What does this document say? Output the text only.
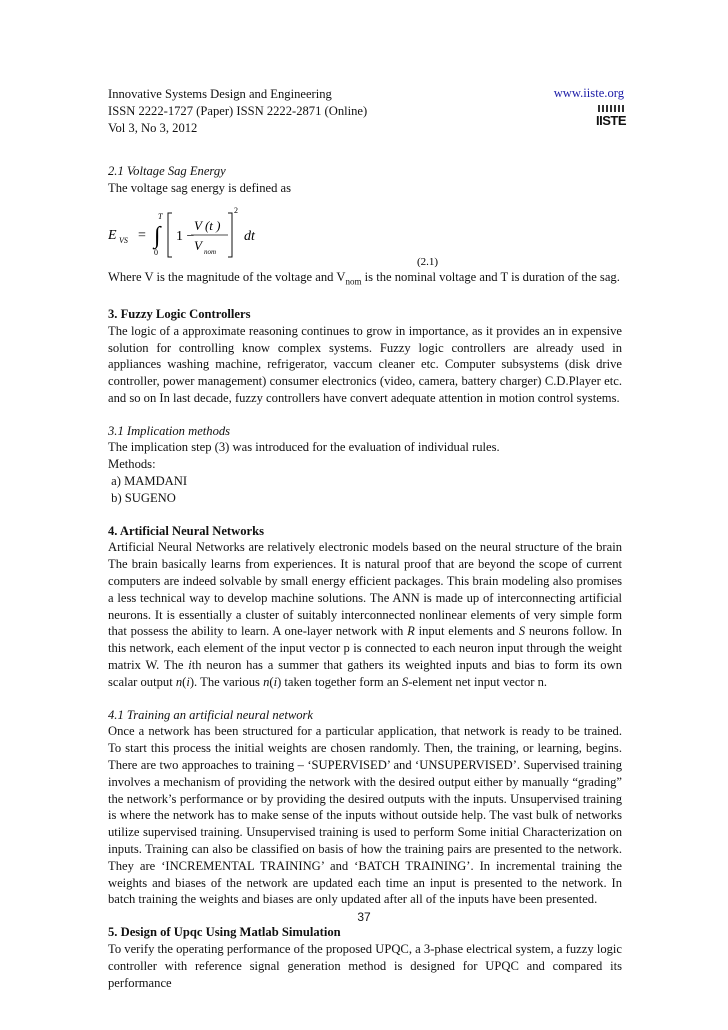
Innovative Systems Design and Engineering
ISSN 2222-1727 (Paper) ISSN 2222-2871 (Online)
Vol 3, No 3, 2012
www.iiste.org
IISTE

2.1 Voltage Sag Energy

The voltage sag energy is defined as

E VS = ∫
T
0
1 −
V (t )
V nom
2
dt
(2.1)

Where V is the magnitude of the voltage and $V_{nom}$ is the nominal voltage and T is duration of the sag.

3. Fuzzy Logic Controllers

The logic of a approximate reasoning continues to grow in importance, as it provides an in expensive solution for controlling know complex systems. Fuzzy logic controllers are already used in appliances washing machine, refrigerator, vaccum cleaner etc. Computer subsystems (disk drive controller, power management) consumer electronics (video, camera, battery charger) C.D.Player etc. and so on In last decade, fuzzy controllers have convert adequate attention in motion control systems.

3.1 Implication methods

The implication step (3) was introduced for the evaluation of individual rules.

Methods:

a) MAMDANI

b) SUGENO

4. Artificial Neural Networks

Artificial Neural Networks are relatively electronic models based on the neural structure of the brain The brain basically learns from experiences. It is natural proof that are beyond the scope of current computers are indeed solvable by small energy efficient packages. This brain modeling also promises a less technical way to develop machine solutions. The ANN is made up of interconnecting artificial neurons. It is essentially a cluster of suitably interconnected nonlinear elements of very simple form that possess the ability to learn. A one-layer network with R input elements and S neurons follow. In this network, each element of the input vector p is connected to each neuron input through the weight matrix W. The ith neuron has a summer that gathers its weighted inputs and bias to form its own scalar output n(i). The various n(i) taken together form an S-element net input vector n.

4.1 Training an artificial neural network

Once a network has been structured for a particular application, that network is ready to be trained. To start this process the initial weights are chosen randomly. Then, the training, or learning, begins. There are two approaches to training – ‘SUPERVISED’ and ‘UNSUPERVISED’. Supervised training involves a mechanism of providing the network with the desired output either by manually “grading” the network’s performance or by providing the desired outputs with the inputs. Unsupervised training is where the network has to make sense of the inputs without outside help. The vast bulk of networks utilize supervised training. Unsupervised training is used to perform Some initial Characterization on inputs. Training can also be classified on basis of how the training pairs are presented to the network. They are ‘INCREMENTAL TRAINING’ and ‘BATCH TRAINING’. In incremental training the weights and biases of the network are updated each time an input is presented to the network. In batch training the weights and biases are only updated after all of the inputs have been presented.

5. Design of Upqc Using Matlab Simulation

To verify the operating performance of the proposed UPQC, a 3-phase electrical system, a fuzzy logic controller with reference signal generation method is designed for UPQC and compared its performance

37
